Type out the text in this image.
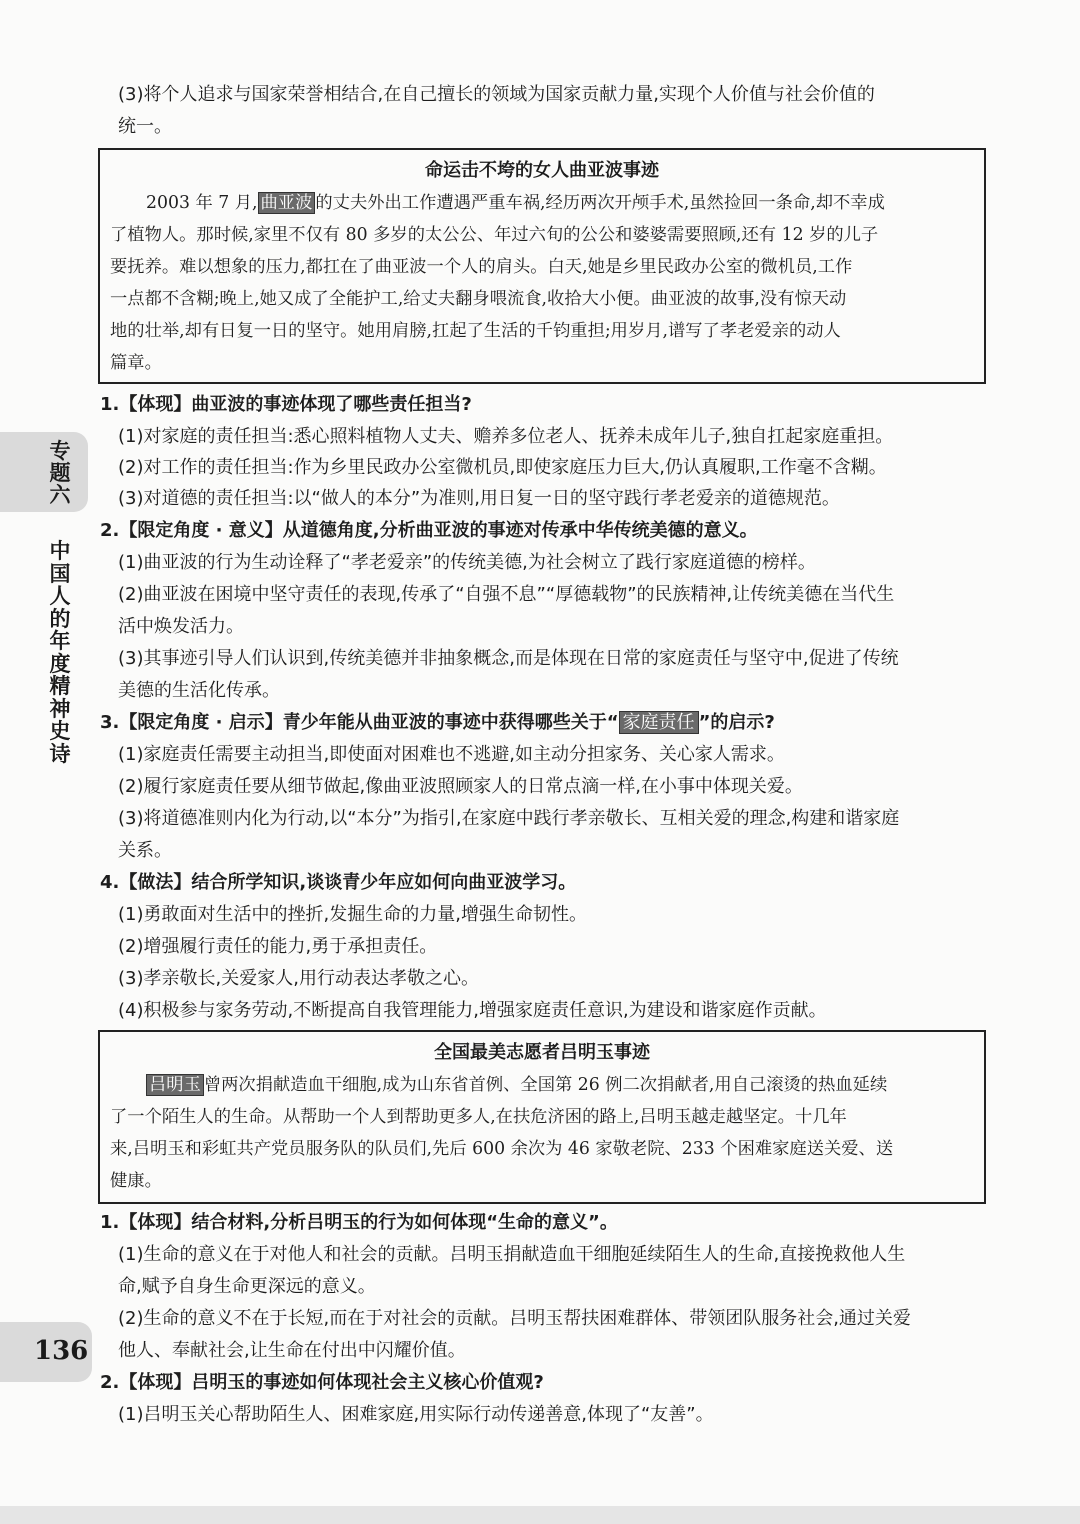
专题六
中国人的年度精神史诗
136
(3)将个人追求与国家荣誉相结合,在自己擅长的领域为国家贡献力量,实现个人价值与社会价值的
统一。
命运击不垮的女人曲亚波事迹
2003 年 7 月, 曲亚波 的丈夫外出工作遭遇严重车祸,经历两次开颅手术,虽然捡回一条命,却不幸成
了植物人。那时候,家里不仅有 80 多岁的太公公、年过六旬的公公和婆婆需要照顾,还有 12 岁的儿子
要抚养。难以想象的压力,都扛在了曲亚波一个人的肩头。白天,她是乡里民政办公室的微机员,工作
一点都不含糊;晚上,她又成了全能护工,给丈夫翻身喂流食,收拾大小便。曲亚波的故事,没有惊天动
地的壮举,却有日复一日的坚守。她用肩膀,扛起了生活的千钧重担;用岁月,谱写了孝老爱亲的动人
篇章。
1.【体现】曲亚波的事迹体现了哪些责任担当?
(1)对家庭的责任担当:悉心照料植物人丈夫、赡养多位老人、抚养未成年儿子,独自扛起家庭重担。
(2)对工作的责任担当:作为乡里民政办公室微机员,即使家庭压力巨大,仍认真履职,工作毫不含糊。
(3)对道德的责任担当:以“做人的本分”为准则,用日复一日的坚守践行孝老爱亲的道德规范。
2.【限定角度 · 意义】从道德角度,分析曲亚波的事迹对传承中华传统美德的意义。
(1)曲亚波的行为生动诠释了“孝老爱亲”的传统美德,为社会树立了践行家庭道德的榜样。
(2)曲亚波在困境中坚守责任的表现,传承了“自强不息”“厚德载物”的民族精神,让传统美德在当代生
活中焕发活力。
(3)其事迹引导人们认识到,传统美德并非抽象概念,而是体现在日常的家庭责任与坚守中,促进了传统
美德的生活化传承。
3.【限定角度 · 启示】青少年能从曲亚波的事迹中获得哪些关于“ 家庭责任 ”的启示?
(1)家庭责任需要主动担当,即使面对困难也不逃避,如主动分担家务、关心家人需求。
(2)履行家庭责任要从细节做起,像曲亚波照顾家人的日常点滴一样,在小事中体现关爱。
(3)将道德准则内化为行动,以“本分”为指引,在家庭中践行孝亲敬长、互相关爱的理念,构建和谐家庭
关系。
4.【做法】结合所学知识,谈谈青少年应如何向曲亚波学习。
(1)勇敢面对生活中的挫折,发掘生命的力量,增强生命韧性。
(2)增强履行责任的能力,勇于承担责任。
(3)孝亲敬长,关爱家人,用行动表达孝敬之心。
(4)积极参与家务劳动,不断提高自我管理能力,增强家庭责任意识,为建设和谐家庭作贡献。
全国最美志愿者吕明玉事迹
吕明玉 曾两次捐献造血干细胞,成为山东省首例、全国第 26 例二次捐献者,用自己滚烫的热血延续
了一个陌生人的生命。从帮助一个人到帮助更多人,在扶危济困的路上,吕明玉越走越坚定。十几年
来,吕明玉和彩虹共产党员服务队的队员们,先后 600 余次为 46 家敬老院、233 个困难家庭送关爱、送
健康。
1.【体现】结合材料,分析吕明玉的行为如何体现“生命的意义”。
(1)生命的意义在于对他人和社会的贡献。吕明玉捐献造血干细胞延续陌生人的生命,直接挽救他人生
命,赋予自身生命更深远的意义。
(2)生命的意义不在于长短,而在于对社会的贡献。吕明玉帮扶困难群体、带领团队服务社会,通过关爱
他人、奉献社会,让生命在付出中闪耀价值。
2.【体现】吕明玉的事迹如何体现社会主义核心价值观?
(1)吕明玉关心帮助陌生人、困难家庭,用实际行动传递善意,体现了“友善”。
